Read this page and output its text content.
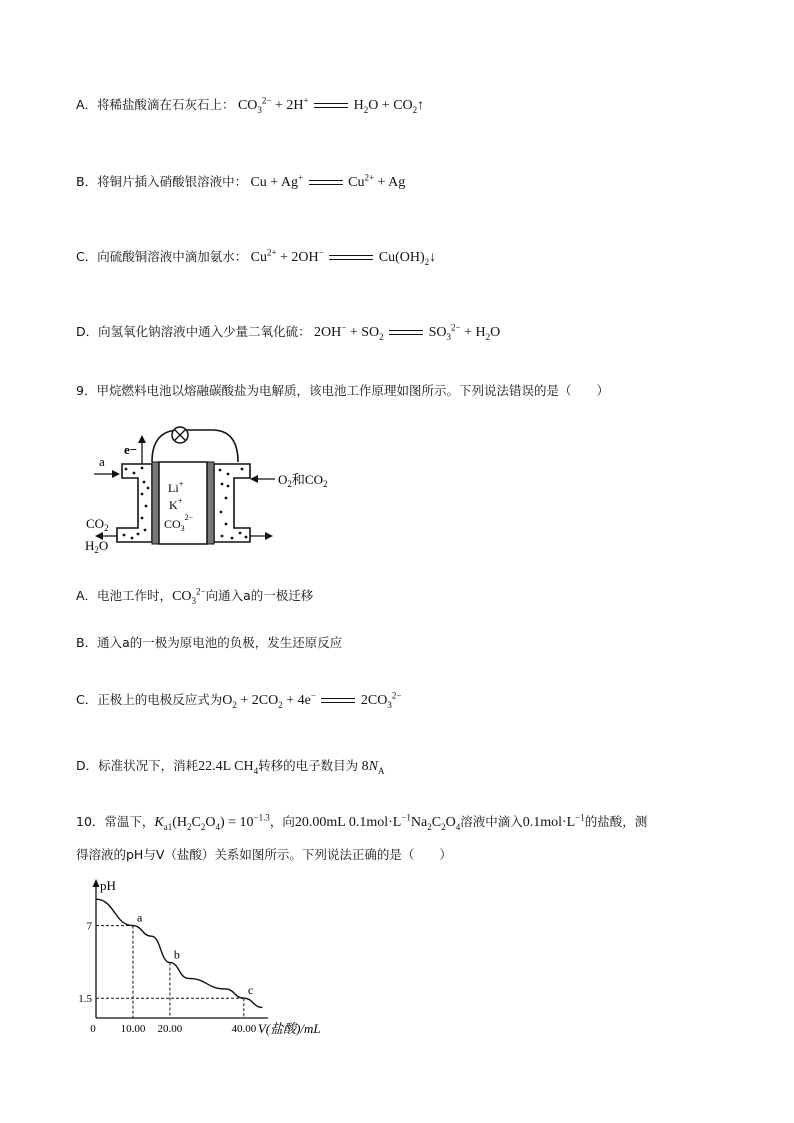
A．将稀盐酸滴在石灰石上： $CO_3^{2-} + 2H^+$	$H_2O$ + $CO_2↑$
B．将铜片插入硝酸银溶液中： Cu + Ag+	$Cu^{2+} + Ag$
C．向硫酸铜溶液中滴加氨水： $Cu^{2+} + 2OH^-$	$Cu(OH)_2↓$
D．向氢氧化钠溶液中通入少量二氧化硫： $2OH^- + SO_2$	$SO_3^{2-} + H_2O$
9．甲烷燃料电池以熔融碳酸盐为电解质，该电池工作原理如图所示。下列说法错误的是（　　）
e−
Li+
K+
$CO_3^{2-}$
a
$O_2$和$CO_2$
$CO_2$
$H_2O$
A．电池工作时，$CO_3^{2-}$向通入a的一极迁移
B．通入a的一极为原电池的负极，发生还原反应
C．正极上的电极反应式为$O_2 + 2CO_2 + 4e^-$	$2CO_3^{2-}$
D．标准状况下，消耗22.4L $CH_4$转移的电子数目为 $8N_A$
10．常温下，$K_{a1}(H_2C_2O_4) = 10^{-1.3}$，向20.00mL $0.1mol\cdot L^{-1}Na_2C_2O_4$溶液中滴入$0.1mol\cdot L^{-1}$的盐酸，测
得溶液的pH与V（盐酸）关系如图所示。下列说法正确的是（　　）
pH
a
b
c
7
1.5
0 10.00 20.00	40.00 V(盐酸)/mL
